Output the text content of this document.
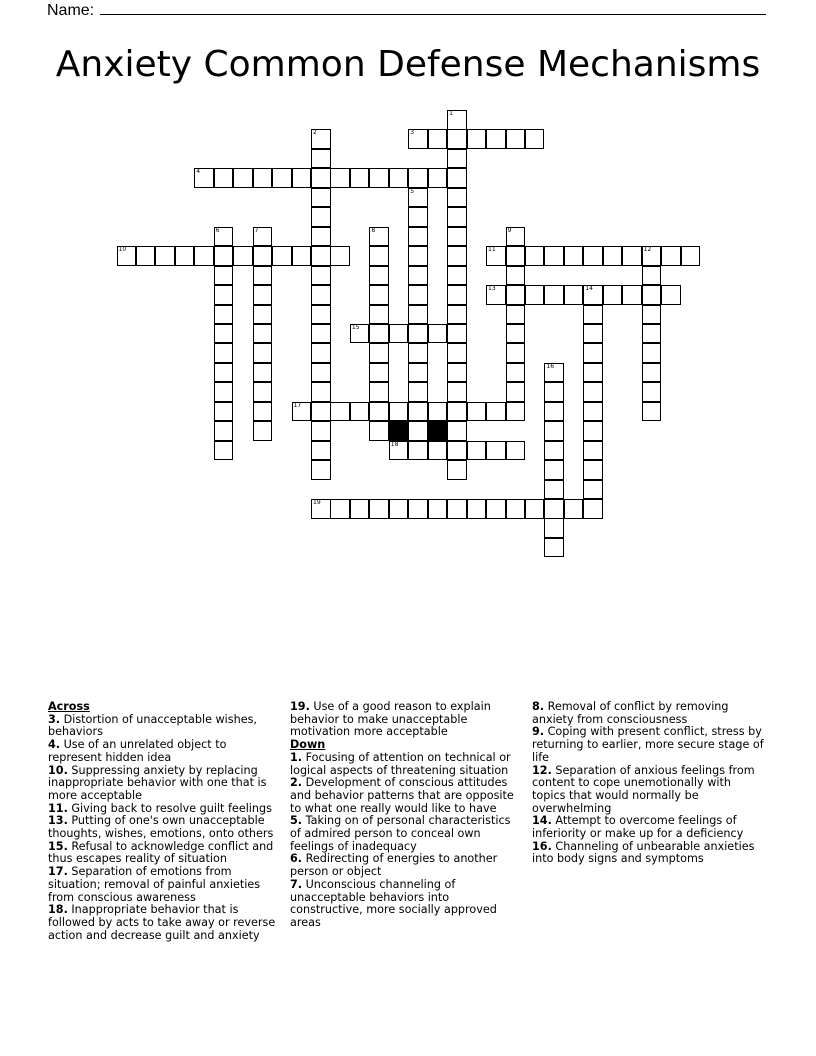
Name:
Anxiety Common Defense Mechanisms
1
2	3
4
5
6	7	8	9
10	11	12
13	14
15
16
17
18
19
Across
3. Distortion of unacceptable wishes, behaviors
4. Use of an unrelated object to represent hidden idea
10. Suppressing anxiety by replacing inappropriate behavior with one that is more acceptable
11. Giving back to resolve guilt feelings
13. Putting of one's own unacceptable thoughts, wishes, emotions, onto others
15. Refusal to acknowledge conflict and thus escapes reality of situation
17. Separation of emotions from situation; removal of painful anxieties from conscious awareness
18. Inappropriate behavior that is followed by acts to take away or reverse action and decrease guilt and anxiety
19. Use of a good reason to explain behavior to make unacceptable motivation more acceptable
Down
1. Focusing of attention on technical or logical aspects of threatening situation
2. Development of conscious attitudes and behavior patterns that are opposite to what one really would like to have
5. Taking on of personal characteristics of admired person to conceal own feelings of inadequacy
6. Redirecting of energies to another person or object
7. Unconscious channeling of unacceptable behaviors into constructive, more socially approved areas
8. Removal of conflict by removing anxiety from consciousness
9. Coping with present conflict, stress by returning to earlier, more secure stage of life
12. Separation of anxious feelings from content to cope unemotionally with topics that would normally be overwhelming
14. Attempt to overcome feelings of inferiority or make up for a deficiency
16. Channeling of unbearable anxieties into body signs and symptoms
